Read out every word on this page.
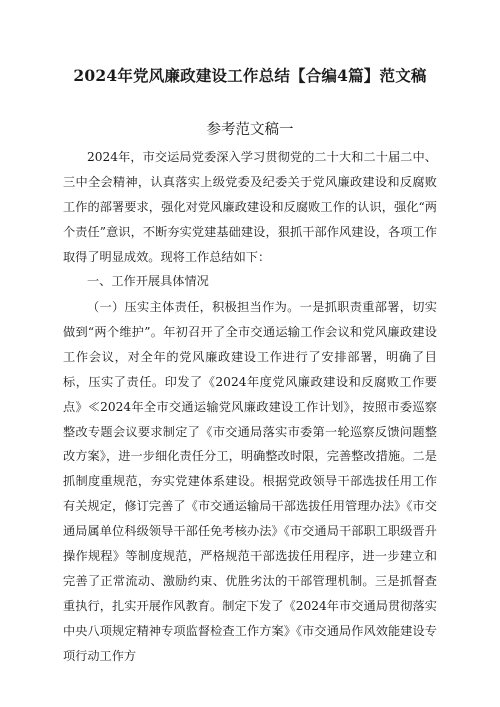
2024年党风廉政建设工作总结【合编4篇】范文稿
参考范文稿一

2024年，市交运局党委深入学习贯彻党的二十大和二十届二中、三中全会精神，认真落实上级党委及纪委关于党风廉政建设和反腐败工作的部署要求，强化对党风廉政建设和反腐败工作的认识，强化“两个责任”意识，不断夯实党建基础建设，狠抓干部作风建设，各项工作取得了明显成效。现将工作总结如下：

一、工作开展具体情况

（一）压实主体责任，积极担当作为。一是抓职责重部署，切实做到“两个维护”。年初召开了全市交通运输工作会议和党风廉政建设工作会议，对全年的党风廉政建设工作进行了安排部署，明确了目标，压实了责任。印发了《2024年度党风廉政建设和反腐败工作要点》≪2024年全市交通运输党风廉政建设工作计划》，按照市委巡察整改专题会议要求制定了《市交通局落实市委第一轮巡察反馈问题整改方案》，进一步细化责任分工，明确整改时限，完善整改措施。二是抓制度重规范，夯实党建体系建设。根据党政领导干部选拔任用工作有关规定，修订完善了《市交通运输局干部选拔任用管理办法》《市交通局属单位科级领导干部任免考核办法》《市交通局干部职工职级晋升操作规程》等制度规范，严格规范干部选拔任用程序，进一步建立和完善了正常流动、激励约束、优胜劣汰的干部管理机制。三是抓督查重执行，扎实开展作风教育。制定下发了《2024年市交通局贯彻落实中央八项规定精神专项监督检查工作方案》《市交通局作风效能建设专项行动工作方
